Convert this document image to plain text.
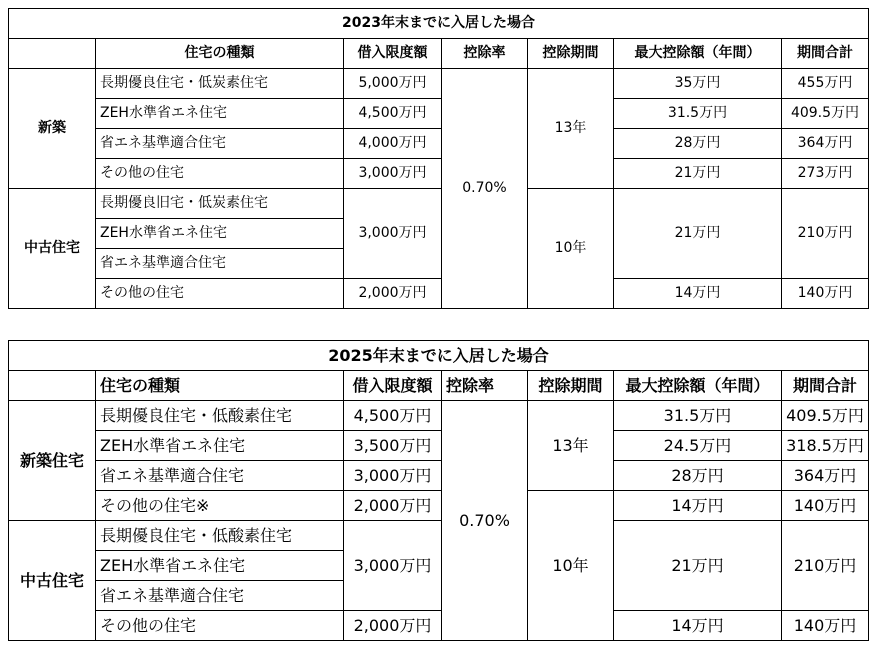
2023年末までに入居した場合						
	住宅の種類	借入限度額	控除率	控除期間	最大控除額（年間）	期間合計
新築	長期優良住宅・低炭素住宅	5,000万円	0.70%	13年	35万円	455万円
	ZEH水準省エネ住宅	4,500万円			31.5万円	409.5万円
	省エネ基準適合住宅	4,000万円			28万円	364万円
	その他の住宅	3,000万円			21万円	273万円
中古住宅	長期優良旧宅・低炭素住宅	3,000万円		10年	21万円	210万円
	ZEH水準省エネ住宅					
	省エネ基準適合住宅					
	その他の住宅	2,000万円			14万円	140万円
2025年末までに入居した場合						
	住宅の種類	借入限度額	控除率	控除期間	最大控除額（年間）	期間合計
新築住宅	長期優良住宅・低酸素住宅	4,500万円	0.70%	13年	31.5万円	409.5万円
	ZEH水準省エネ住宅	3,500万円			24.5万円	318.5万円
	省エネ基準適合住宅	3,000万円			28万円	364万円
	その他の住宅※	2,000万円		10年	14万円	140万円
中古住宅	長期優良住宅・低酸素住宅	3,000万円			21万円	210万円
	ZEH水準省エネ住宅					
	省エネ基準適合住宅					
	その他の住宅	2,000万円			14万円	140万円
